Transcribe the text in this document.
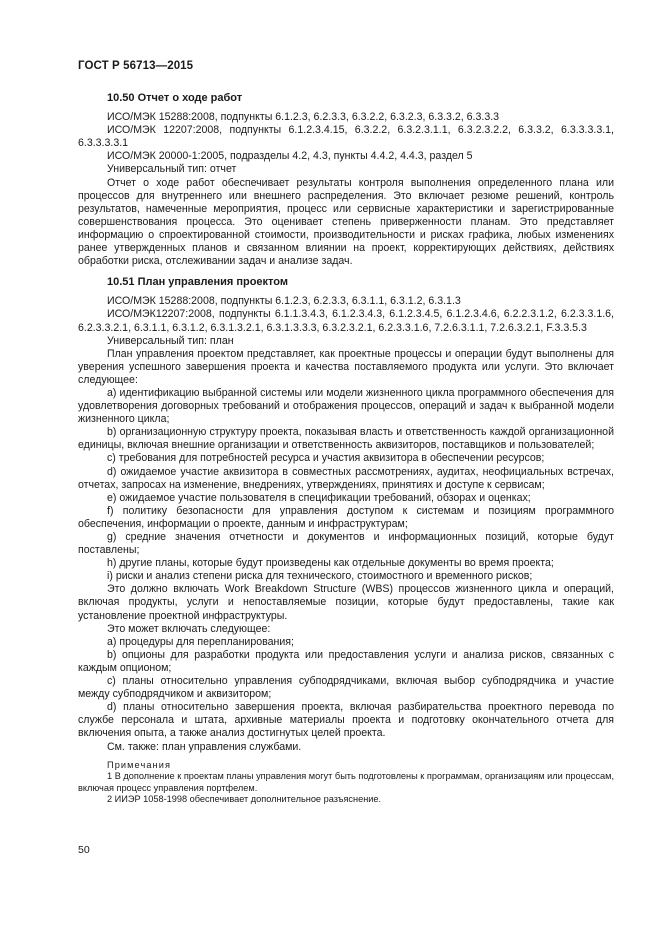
ГОСТ Р 56713—2015
10.50 Отчет о ходе работ

ИСО/МЭК 15288:2008, подпункты 6.1.2.3, 6.2.3.3, 6.3.2.2, 6.3.2.3, 6.3.3.2, 6.3.3.3

ИСО/МЭК 12207:2008, подпункты 6.1.2.3.4.15, 6.3.2.2, 6.3.2.3.1.1, 6.3.2.3.2.2, 6.3.3.2, 6.3.3.3.3.1, 6.3.3.3.3.1

ИСО/МЭК 20000-1:2005, подразделы 4.2, 4.3, пункты 4.4.2, 4.4.3, раздел 5

Универсальный тип: отчет

Отчет о ходе работ обеспечивает результаты контроля выполнения определенного плана или процессов для внутреннего или внешнего распределения. Это включает резюме решений, контроль результатов, намеченные мероприятия, процесс или сервисные характеристики и зарегистрированные совершенствования процесса. Это оценивает степень приверженности планам. Это представляет информацию о спроектированной стоимости, производительности и рисках графика, любых изменениях ранее утвержденных планов и связанном влиянии на проект, корректирующих действиях, действиях обработки риска, отслеживании задач и анализе задач.

10.51 План управления проектом

ИСО/МЭК 15288:2008, подпункты 6.1.2.3, 6.2.3.3, 6.3.1.1, 6.3.1.2, 6.3.1.3

ИСО/МЭК12207:2008, подпункты 6.1.1.3.4.3, 6.1.2.3.4.3, 6.1.2.3.4.5, 6.1.2.3.4.6, 6.2.2.3.1.2, 6.2.3.3.1.6, 6.2.3.3.2.1, 6.3.1.1, 6.3.1.2, 6.3.1.3.2.1, 6.3.1.3.3.3, 6.3.2.3.2.1, 6.2.3.3.1.6, 7.2.6.3.1.1, 7.2.6.3.2.1, F.3.3.5.3

Универсальный тип: план

План управления проектом представляет, как проектные процессы и операции будут выполнены для уверения успешного завершения проекта и качества поставляемого продукта или услуги. Это включает следующее:

a) идентификацию выбранной системы или модели жизненного цикла программного обеспечения для удовлетворения договорных требований и отображения процессов, операций и задач к выбранной модели жизненного цикла;

b) организационную структуру проекта, показывая власть и ответственность каждой организационной единицы, включая внешние организации и ответственность аквизиторов, поставщиков и пользователей;

c) требования для потребностей ресурса и участия аквизитора в обеспечении ресурсов;

d) ожидаемое участие аквизитора в совместных рассмотрениях, аудитах, неофициальных встречах, отчетах, запросах на изменение, внедрениях, утверждениях, принятиях и доступе к сервисам;

e) ожидаемое участие пользователя в спецификации требований, обзорах и оценках;

f) политику безопасности для управления доступом к системам и позициям программного обеспечения, информации о проекте, данным и инфраструктурам;

g) средние значения отчетности и документов и информационных позиций, которые будут поставлены;

h) другие планы, которые будут произведены как отдельные документы во время проекта;

i) риски и анализ степени риска для технического, стоимостного и временного рисков;

Это должно включать Work Breakdown Structure (WBS) процессов жизненного цикла и операций, включая продукты, услуги и непоставляемые позиции, которые будут предоставлены, такие как установление проектной инфраструктуры.

Это может включать следующее:

a) процедуры для перепланирования;

b) опционы для разработки продукта или предоставления услуги и анализа рисков, связанных с каждым опционом;

c) планы относительно управления субподрядчиками, включая выбор субподрядчика и участие между субподрядчиком и аквизитором;

d) планы относительно завершения проекта, включая разбирательства проектного перевода по службе персонала и штата, архивные материалы проекта и подготовку окончательного отчета для включения опыта, а также анализ достигнутых целей проекта.

См. также: план управления службами.

Примечания

1 В дополнение к проектам планы управления могут быть подготовлены к программам, организациям или процессам, включая процесс управления портфелем.

2 ИИЭР 1058-1998 обеспечивает дополнительное разъяснение.

50
